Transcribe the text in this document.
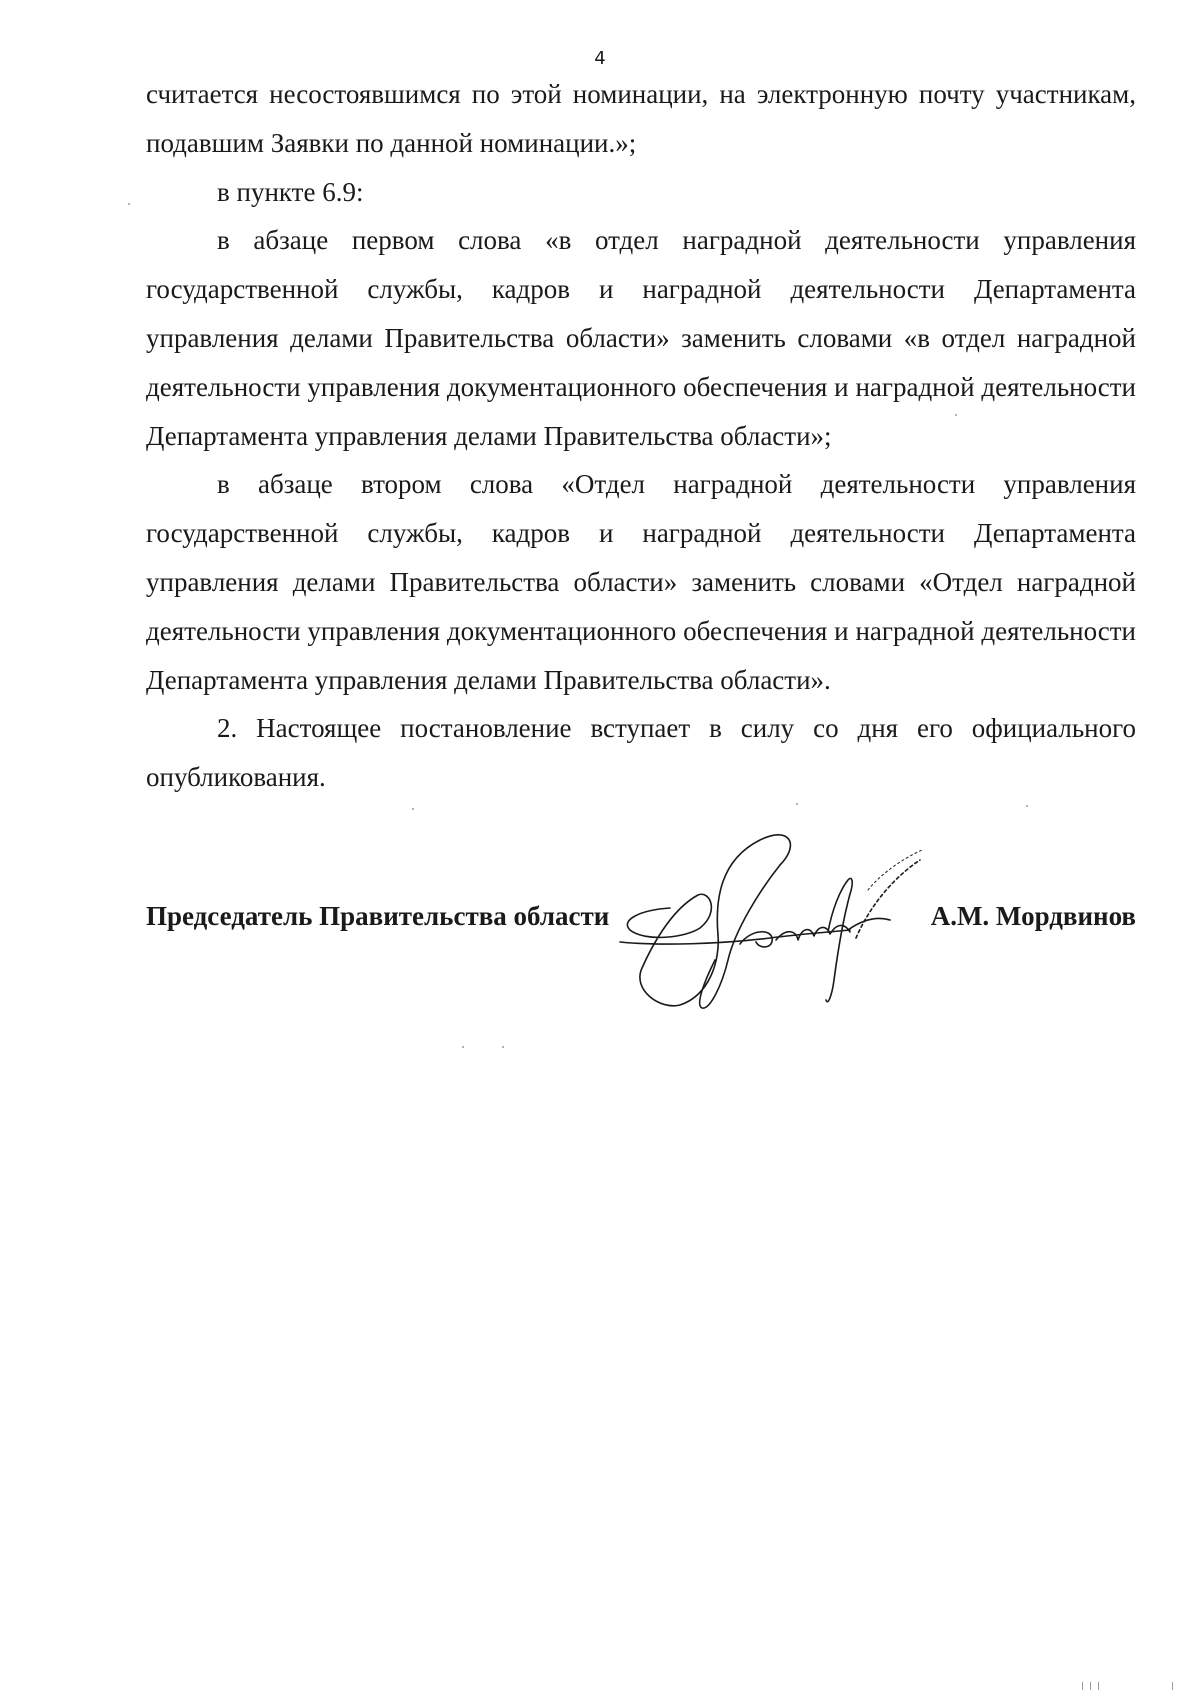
4

считается несостоявшимся по этой номинации, на электронную почту участникам, подавшим Заявки по данной номинации.»;

в пункте 6.9:

в абзаце первом слова «в отдел наградной деятельности управления государственной службы, кадров и наградной деятельности Департамента управления делами Правительства области» заменить словами «в отдел наградной деятельности управления документационного обеспечения и наградной деятельности Департамента управления делами Правительства области»;

в абзаце втором слова «Отдел наградной деятельности управления государственной службы, кадров и наградной деятельности Департамента управления делами Правительства области» заменить словами «Отдел наградной деятельности управления документационного обеспечения и наградной деятельности Департамента управления делами Правительства области».

2. Настоящее постановление вступает в силу со дня его официального опубликования.

Председатель Правительства области	А.М. Мордвинов
